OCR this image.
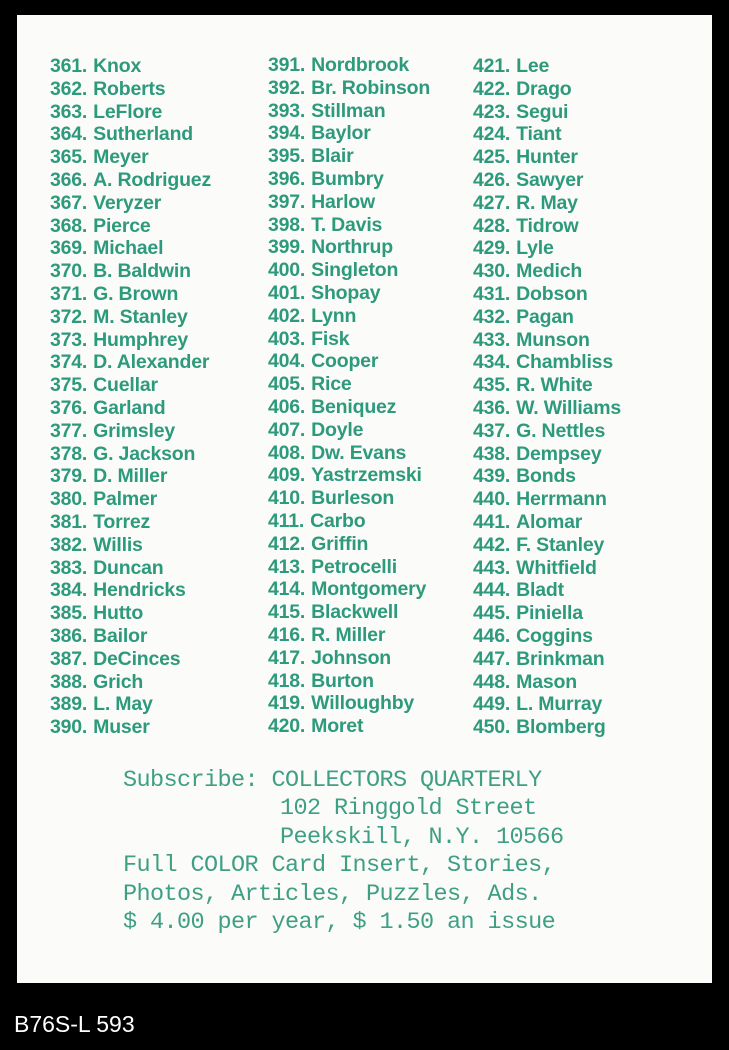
361. Knox
362. Roberts
363. LeFlore
364. Sutherland
365. Meyer
366. A. Rodriguez
367. Veryzer
368. Pierce
369. Michael
370. B. Baldwin
371. G. Brown
372. M. Stanley
373. Humphrey
374. D. Alexander
375. Cuellar
376. Garland
377. Grimsley
378. G. Jackson
379. D. Miller
380. Palmer
381. Torrez
382. Willis
383. Duncan
384. Hendricks
385. Hutto
386. Bailor
387. DeCinces
388. Grich
389. L. May
390. Muser
391. Nordbrook
392. Br. Robinson
393. Stillman
394. Baylor
395. Blair
396. Bumbry
397. Harlow
398. T. Davis
399. Northrup
400. Singleton
401. Shopay
402. Lynn
403. Fisk
404. Cooper
405. Rice
406. Beniquez
407. Doyle
408. Dw. Evans
409. Yastrzemski
410. Burleson
411. Carbo
412. Griffin
413. Petrocelli
414. Montgomery
415. Blackwell
416. R. Miller
417. Johnson
418. Burton
419. Willoughby
420. Moret
421. Lee
422. Drago
423. Segui
424. Tiant
425. Hunter
426. Sawyer
427. R. May
428. Tidrow
429. Lyle
430. Medich
431. Dobson
432. Pagan
433. Munson
434. Chambliss
435. R. White
436. W. Williams
437. G. Nettles
438. Dempsey
439. Bonds
440. Herrmann
441. Alomar
442. F. Stanley
443. Whitfield
444. Bladt
445. Piniella
446. Coggins
447. Brinkman
448. Mason
449. L. Murray
450. Blomberg
Subscribe: COLLECTORS QUARTERLY
102 Ringgold Street
Peekskill, N.Y. 10566
Full COLOR Card Insert, Stories,
Photos, Articles, Puzzles, Ads.
$ 4.00 per year, $ 1.50 an issue
B76S-L 593
